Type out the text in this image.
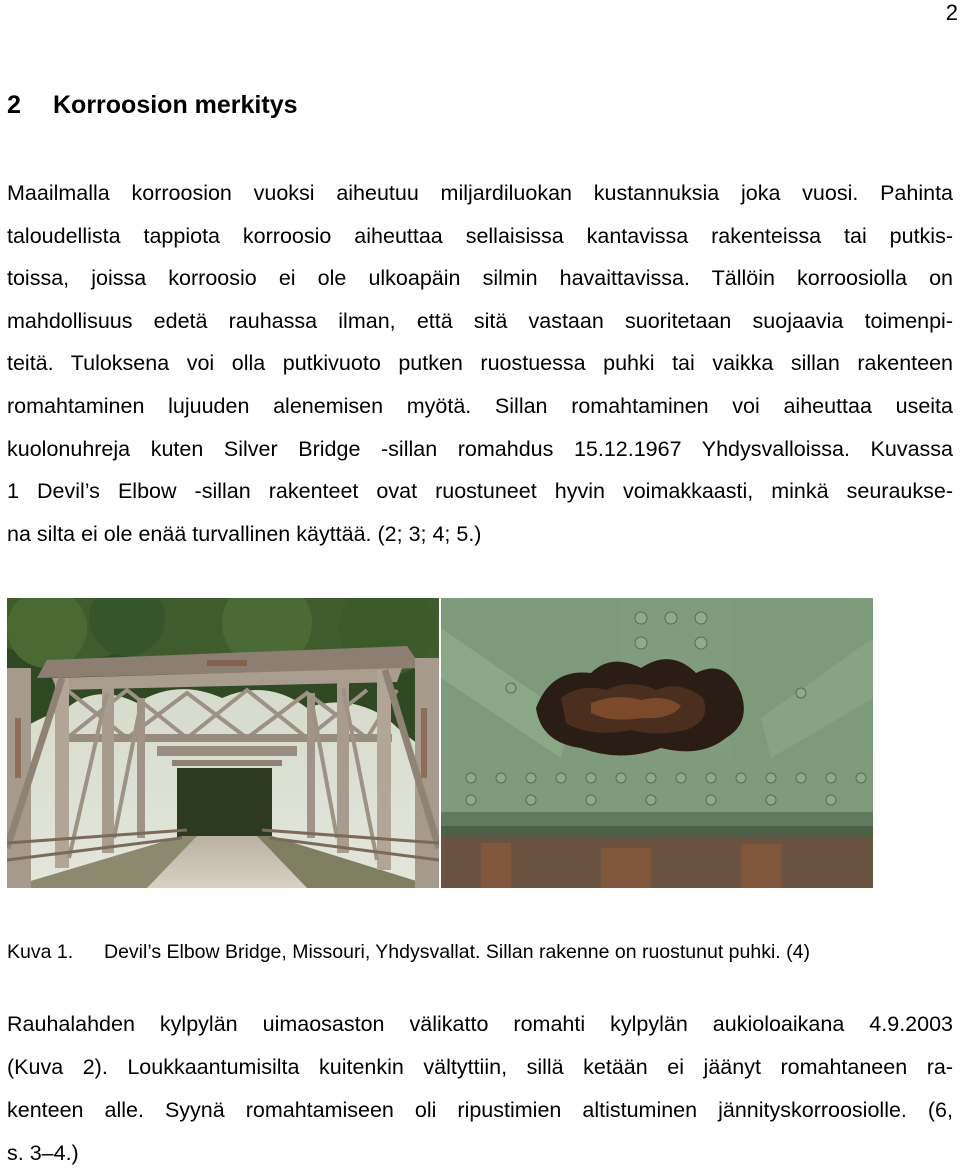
2
2 Korroosion merkitys
Maailmalla korroosion vuoksi aiheutuu miljardiluokan kustannuksia joka vuosi. Pahinta
taloudellista tappiota korroosio aiheuttaa sellaisissa kantavissa rakenteissa tai putkis-
toissa, joissa korroosio ei ole ulkoapäin silmin havaittavissa. Tällöin korroosiolla on
mahdollisuus edetä rauhassa ilman, että sitä vastaan suoritetaan suojaavia toimenpi-
teitä. Tuloksena voi olla putkivuoto putken ruostuessa puhki tai vaikka sillan rakenteen
romahtaminen lujuuden alenemisen myötä. Sillan romahtaminen voi aiheuttaa useita
kuolonuhreja kuten Silver Bridge -sillan romahdus 15.12.1967 Yhdysvalloissa. Kuvassa
1 Devil’s Elbow -sillan rakenteet ovat ruostuneet hyvin voimakkaasti, minkä seuraukse-
na silta ei ole enää turvallinen käyttää. (2; 3; 4; 5.)
Kuva 1. Devil’s Elbow Bridge, Missouri, Yhdysvallat. Sillan rakenne on ruostunut puhki. (4)
Rauhalahden kylpylän uimaosaston välikatto romahti kylpylän aukioloaikana 4.9.2003
(Kuva 2). Loukkaantumisilta kuitenkin vältyttiin, sillä ketään ei jäänyt romahtaneen ra-
kenteen alle. Syynä romahtamiseen oli ripustimien altistuminen jännityskorroosiolle. (6,
s. 3–4.)
